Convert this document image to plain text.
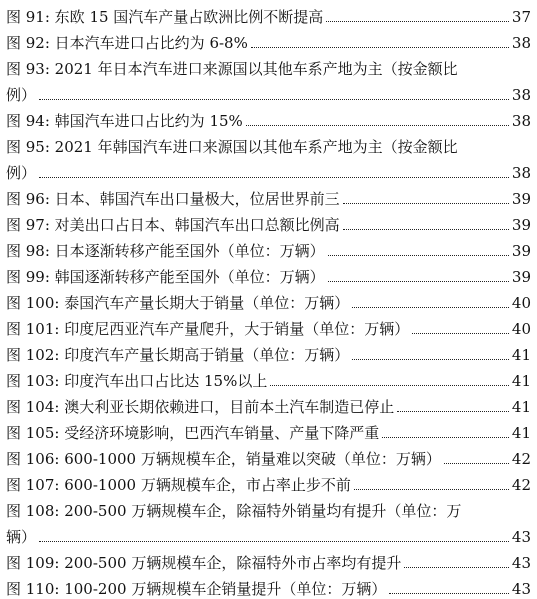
图 91: 东欧 15 国汽车产量占欧洲比例不断提高	37
图 92: 日本汽车进口占比约为 6-8%	38
图 93: 2021 年日本汽车进口来源国以其他车系产地为主（按金额比
例）	38
图 94: 韩国汽车进口占比约为 15%	38
图 95: 2021 年韩国汽车进口来源国以其他车系产地为主（按金额比
例）	38
图 96: 日本、韩国汽车出口量极大，位居世界前三	39
图 97: 对美出口占日本、韩国汽车出口总额比例高	39
图 98: 日本逐渐转移产能至国外（单位：万辆）	39
图 99: 韩国逐渐转移产能至国外（单位：万辆）	39
图 100: 泰国汽车产量长期大于销量（单位：万辆）	40
图 101: 印度尼西亚汽车产量爬升，大于销量（单位：万辆）	40
图 102: 印度汽车产量长期高于销量（单位：万辆）	41
图 103: 印度汽车出口占比达 15%以上	41
图 104: 澳大利亚长期依赖进口，目前本土汽车制造已停止	41
图 105: 受经济环境影响，巴西汽车销量、产量下降严重	41
图 106: 600-1000 万辆规模车企，销量难以突破（单位：万辆）	42
图 107: 600-1000 万辆规模车企，市占率止步不前	42
图 108: 200-500 万辆规模车企，除福特外销量均有提升（单位：万
辆）	43
图 109: 200-500 万辆规模车企，除福特外市占率均有提升	43
图 110: 100-200 万辆规模车企销量提升（单位：万辆）	43
